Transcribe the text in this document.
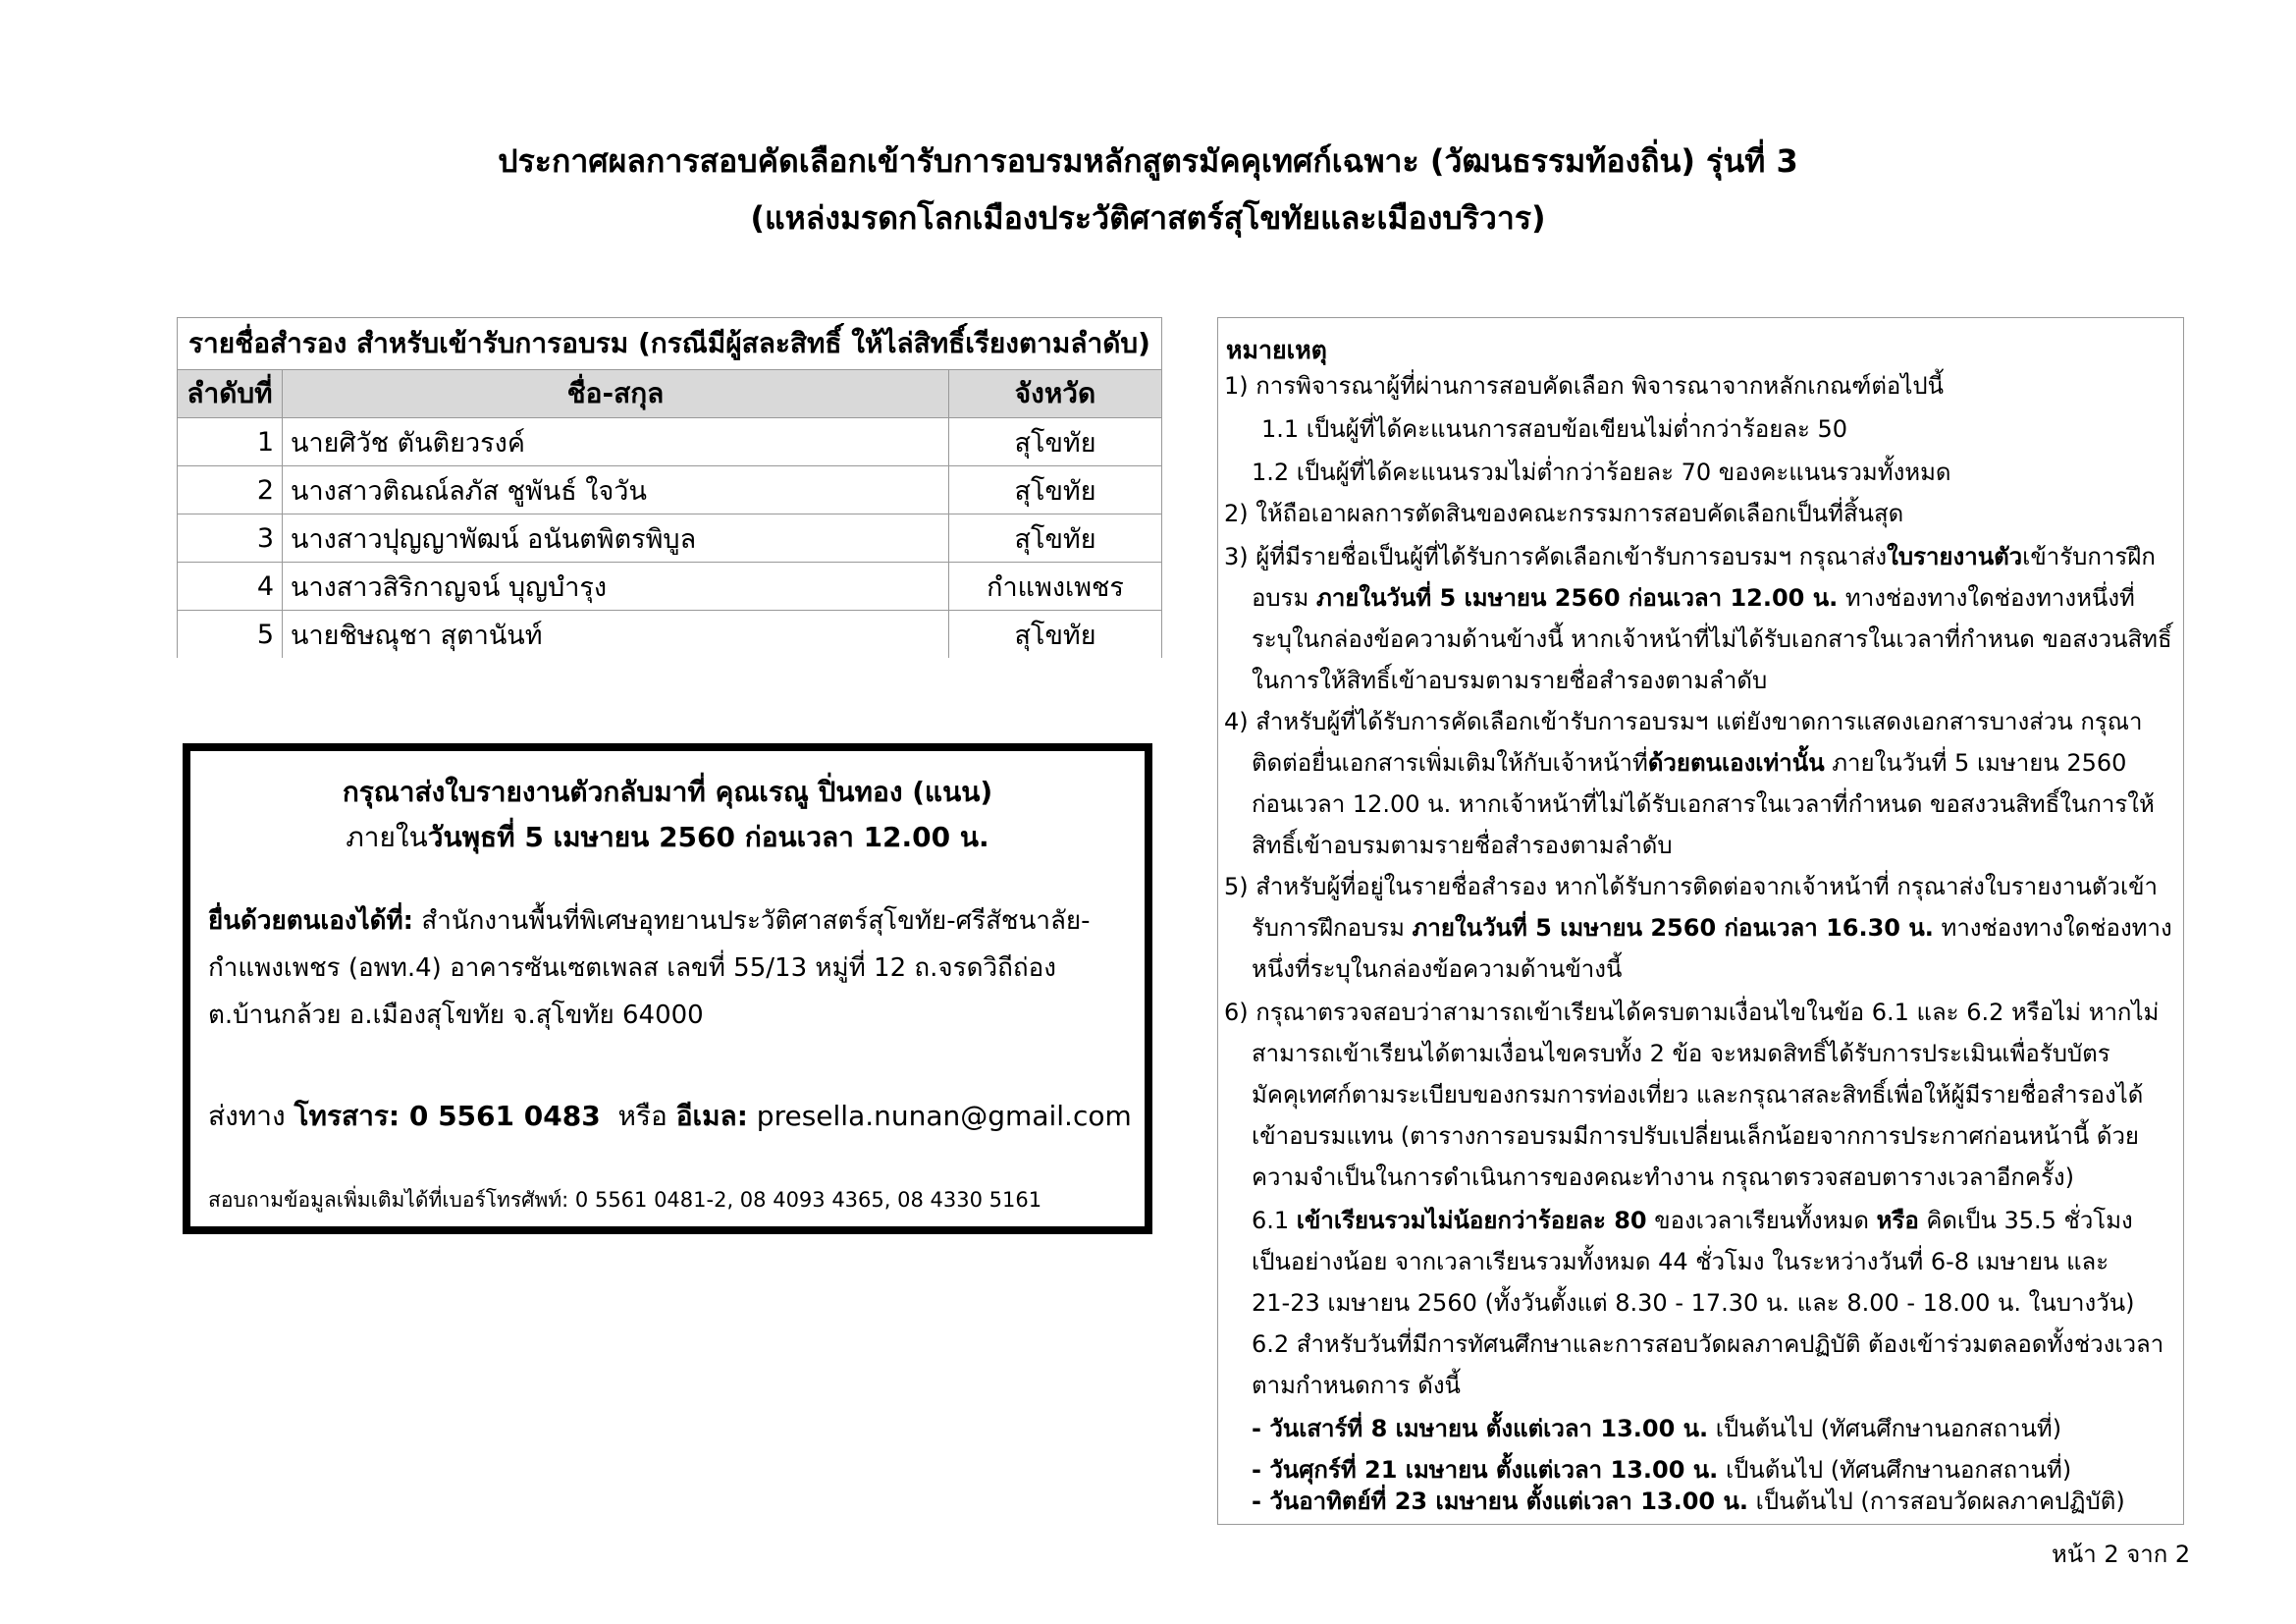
ประกาศผลการสอบคัดเลือกเข้ารับการอบรมหลักสูตรมัคคุเทศก์เฉพาะ (วัฒนธรรมท้องถิ่น) รุ่นที่ 3
(แหล่งมรดกโลกเมืองประวัติศาสตร์สุโขทัยและเมืองบริวาร)
รายชื่อสำรอง สำหรับเข้ารับการอบรม (กรณีมีผู้สละสิทธิ์ ให้ไล่สิทธิ์เรียงตามลำดับ)		
ลำดับที่	ชื่อ-สกุล	จังหวัด
1	นายศิวัช ตันติยวรงค์	สุโขทัย
2	นางสาวติณณ์ลภัส ชูพันธ์ ใจวัน	สุโขทัย
3	นางสาวปุญญาพัฒน์ อนันตพิตรพิบูล	สุโขทัย
4	นางสาวสิริกาญจน์ บุญบำรุง	กำแพงเพชร
5	นายชิษณุชา สุตานันท์	สุโขทัย
กรุณาส่งใบรายงานตัวกลับมาที่ คุณเรณู ปิ่นทอง (แนน)
ภายในวันพุธที่ 5 เมษายน 2560 ก่อนเวลา 12.00 น.
ยื่นด้วยตนเองได้ที่: สำนักงานพื้นที่พิเศษอุทยานประวัติศาสตร์สุโขทัย-ศรีสัชนาลัย-
กำแพงเพชร (อพท.4) อาคารซันเซตเพลส เลขที่ 55/13 หมู่ที่ 12 ถ.จรดวิถีถ่อง
ต.บ้านกล้วย อ.เมืองสุโขทัย จ.สุโขทัย 64000
ส่งทาง โทรสาร: 0 5561 0483  หรือ อีเมล: presella.nunan@gmail.com
สอบถามข้อมูลเพิ่มเติมได้ที่เบอร์โทรศัพท์: 0 5561 0481-2, 08 4093 4365, 08 4330 5161
หมายเหตุ
1) การพิจารณาผู้ที่ผ่านการสอบคัดเลือก พิจารณาจากหลักเกณฑ์ต่อไปนี้
1.1 เป็นผู้ที่ได้คะแนนการสอบข้อเขียนไม่ต่ำกว่าร้อยละ 50
1.2 เป็นผู้ที่ได้คะแนนรวมไม่ต่ำกว่าร้อยละ 70 ของคะแนนรวมทั้งหมด
2) ให้ถือเอาผลการตัดสินของคณะกรรมการสอบคัดเลือกเป็นที่สิ้นสุด
3) ผู้ที่มีรายชื่อเป็นผู้ที่ได้รับการคัดเลือกเข้ารับการอบรมฯ กรุณาส่งใบรายงานตัวเข้ารับการฝึก
อบรม ภายในวันที่ 5 เมษายน 2560 ก่อนเวลา 12.00 น. ทางช่องทางใดช่องทางหนึ่งที่
ระบุในกล่องข้อความด้านข้างนี้ หากเจ้าหน้าที่ไม่ได้รับเอกสารในเวลาที่กำหนด ขอสงวนสิทธิ์
ในการให้สิทธิ์เข้าอบรมตามรายชื่อสำรองตามลำดับ
4) สำหรับผู้ที่ได้รับการคัดเลือกเข้ารับการอบรมฯ แต่ยังขาดการแสดงเอกสารบางส่วน กรุณา
ติดต่อยื่นเอกสารเพิ่มเติมให้กับเจ้าหน้าที่ด้วยตนเองเท่านั้น ภายในวันที่ 5 เมษายน 2560
ก่อนเวลา 12.00 น. หากเจ้าหน้าที่ไม่ได้รับเอกสารในเวลาที่กำหนด ขอสงวนสิทธิ์ในการให้
สิทธิ์เข้าอบรมตามรายชื่อสำรองตามลำดับ
5) สำหรับผู้ที่อยู่ในรายชื่อสำรอง หากได้รับการติดต่อจากเจ้าหน้าที่ กรุณาส่งใบรายงานตัวเข้า
รับการฝึกอบรม ภายในวันที่ 5 เมษายน 2560 ก่อนเวลา 16.30 น. ทางช่องทางใดช่องทาง
หนึ่งที่ระบุในกล่องข้อความด้านข้างนี้
6) กรุณาตรวจสอบว่าสามารถเข้าเรียนได้ครบตามเงื่อนไขในข้อ 6.1 และ 6.2 หรือไม่ หากไม่
สามารถเข้าเรียนได้ตามเงื่อนไขครบทั้ง 2 ข้อ จะหมดสิทธิ์ได้รับการประเมินเพื่อรับบัตร
มัคคุเทศก์ตามระเบียบของกรมการท่องเที่ยว และกรุณาสละสิทธิ์เพื่อให้ผู้มีรายชื่อสำรองได้
เข้าอบรมแทน (ตารางการอบรมมีการปรับเปลี่ยนเล็กน้อยจากการประกาศก่อนหน้านี้ ด้วย
ความจำเป็นในการดำเนินการของคณะทำงาน กรุณาตรวจสอบตารางเวลาอีกครั้ง)
6.1 เข้าเรียนรวมไม่น้อยกว่าร้อยละ 80 ของเวลาเรียนทั้งหมด หรือ คิดเป็น 35.5 ชั่วโมง
เป็นอย่างน้อย จากเวลาเรียนรวมทั้งหมด 44 ชั่วโมง ในระหว่างวันที่ 6-8 เมษายน และ
21-23 เมษายน 2560 (ทั้งวันตั้งแต่ 8.30 - 17.30 น. และ 8.00 - 18.00 น. ในบางวัน)
6.2 สำหรับวันที่มีการทัศนศึกษาและการสอบวัดผลภาคปฏิบัติ ต้องเข้าร่วมตลอดทั้งช่วงเวลา
ตามกำหนดการ ดังนี้
- วันเสาร์ที่ 8 เมษายน ตั้งแต่เวลา 13.00 น. เป็นต้นไป (ทัศนศึกษานอกสถานที่)
- วันศุกร์ที่ 21 เมษายน ตั้งแต่เวลา 13.00 น. เป็นต้นไป (ทัศนศึกษานอกสถานที่)
- วันอาทิตย์ที่ 23 เมษายน ตั้งแต่เวลา 13.00 น. เป็นต้นไป (การสอบวัดผลภาคปฏิบัติ)
หน้า 2 จาก 2
